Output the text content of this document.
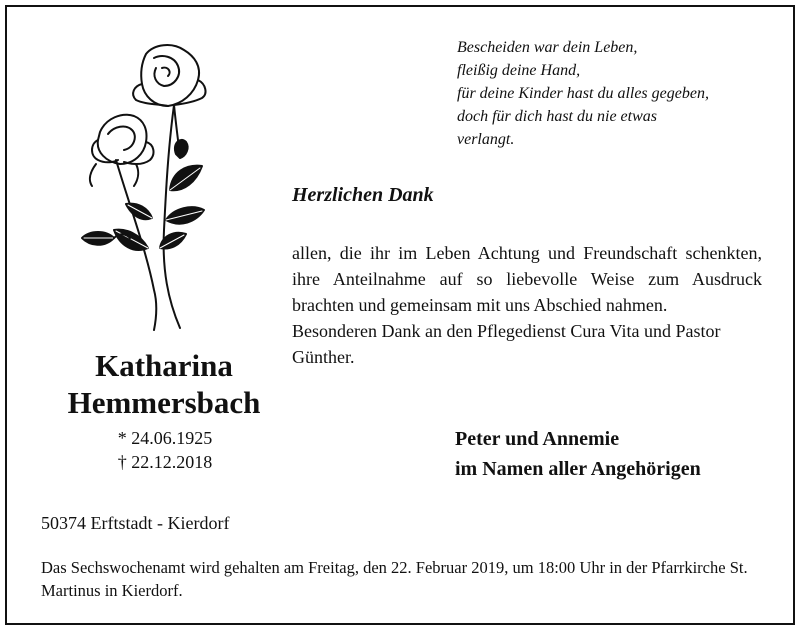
Bescheiden war dein Leben,
fleißig deine Hand,
für deine Kinder hast du alles gegeben,
doch für dich hast du nie etwas
verlangt.
Herzlichen Dank

allen, die ihr im Leben Achtung und Freundschaft schenkten, ihre Anteilnahme auf so liebevolle Weise zum Ausdruck brachten und gemeinsam mit uns Abschied nahmen.

Besonderen Dank an den Pflegedienst Cura Vita und Pastor Günther.

Katharina
Hemmersbach
* 24.06.1925
† 22.12.2018
Peter und Annemie
im Namen aller Angehörigen
50374 Erftstadt - Kierdorf
Das Sechswochenamt wird gehalten am Freitag, den 22. Februar 2019, um 18:00 Uhr in der Pfarrkirche St. Martinus in Kierdorf.
